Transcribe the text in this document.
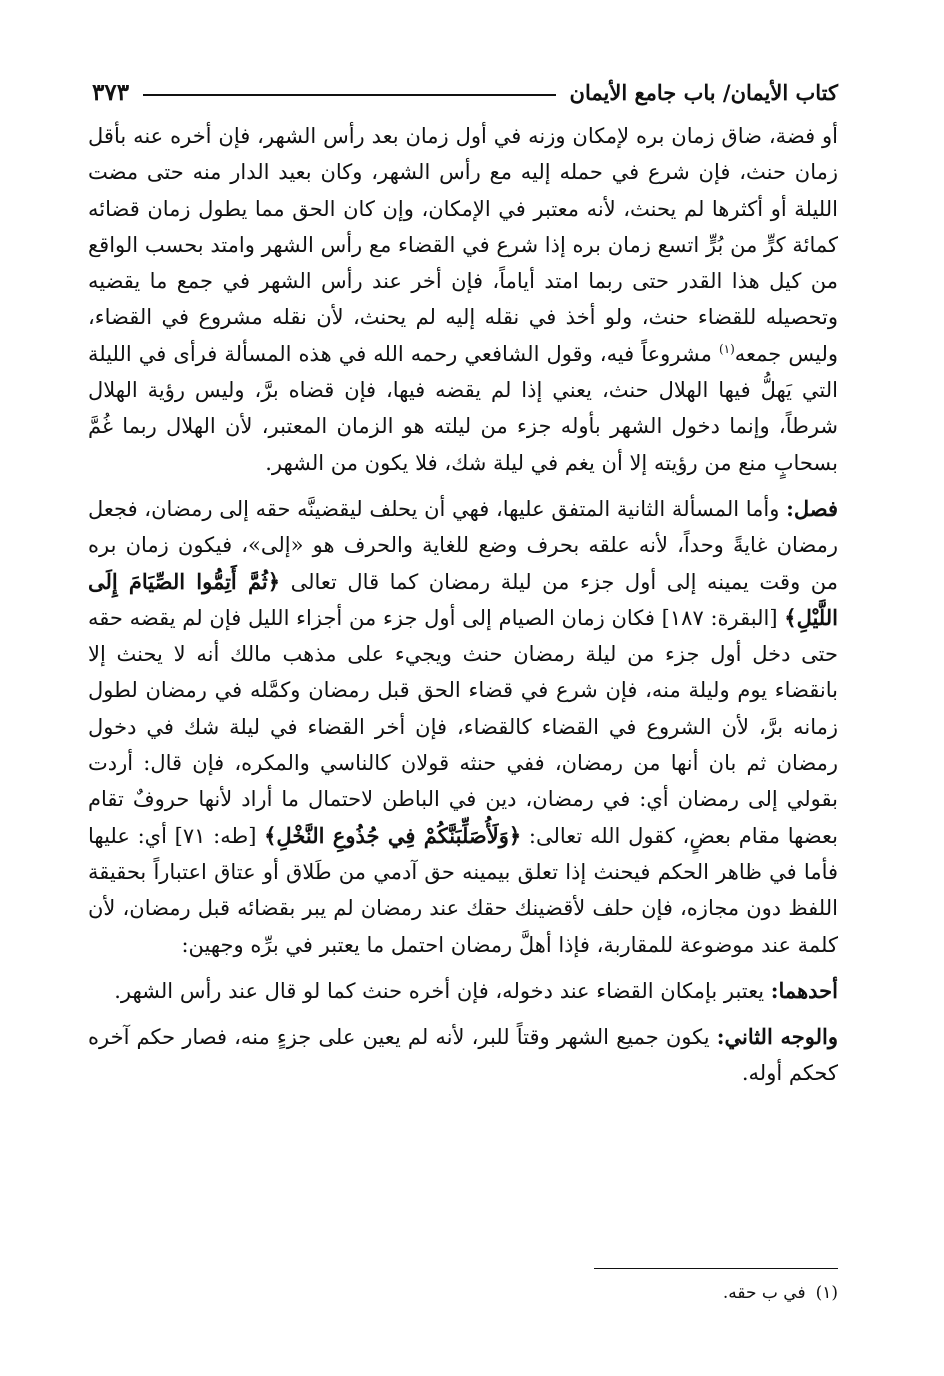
كتاب الأيمان/ باب جامع الأيمان
٣٧٣

أو فضة، ضاق زمان بره لإمكان وزنه في أول زمان بعد رأس الشهر، فإن أخره عنه بأقل زمان حنث، فإن شرع في حمله إليه مع رأس الشهر، وكان بعيد الدار منه حتى مضت الليلة أو أكثرها لم يحنث، لأنه معتبر في الإمكان، وإن كان الحق مما يطول زمان قضائه كمائة كرٍّ من بُرٍّ اتسع زمان بره إذا شرع في القضاء مع رأس الشهر وامتد بحسب الواقع من كيل هذا القدر حتى ربما امتد أياماً، فإن أخر عند رأس الشهر في جمع ما يقضيه وتحصيله للقضاء حنث، ولو أخذ في نقله إليه لم يحنث، لأن نقله مشروع في القضاء، وليس جمعه$^{(١)}$ مشروعاً فيه، وقول الشافعي رحمه الله في هذه المسألة فرأى في الليلة التي يَهلُّ فيها الهلال حنث، يعني إذا لم يقضه فيها، فإن قضاه برَّ، وليس رؤية الهلال شرطاً، وإنما دخول الشهر بأوله جزء من ليلته هو الزمان المعتبر، لأن الهلال ربما غُمَّ بسحابٍ منع من رؤيته إلا أن يغم في ليلة شك، فلا يكون من الشهر.

فصل: وأما المسألة الثانية المتفق عليها، فهي أن يحلف ليقضينَّه حقه إلى رمضان، فجعل رمضان غايةً وحداً، لأنه علقه بحرف وضع للغاية والحرف هو «إلى»، فيكون زمان بره من وقت يمينه إلى أول جزء من ليلة رمضان كما قال تعالى ﴿ثُمَّ أَتِمُّوا الصِّيَامَ إِلَى اللَّيْلِ﴾ [البقرة: ١٨٧] فكان زمان الصيام إلى أول جزء من أجزاء الليل فإن لم يقضه حقه حتى دخل أول جزء من ليلة رمضان حنث ويجيء على مذهب مالك أنه لا يحنث إلا بانقضاء يوم وليلة منه، فإن شرع في قضاء الحق قبل رمضان وكمَّله في رمضان لطول زمانه برَّ، لأن الشروع في القضاء كالقضاء، فإن أخر القضاء في ليلة شك في دخول رمضان ثم بان أنها من رمضان، ففي حنثه قولان كالناسي والمكره، فإن قال: أردت بقولي إلى رمضان أي: في رمضان، دين في الباطن لاحتمال ما أراد لأنها حروفٌ تقام بعضها مقام بعضٍ، كقول الله تعالى: ﴿وَلَأُصَلِّبَنَّكُمْ فِي جُذُوعِ النَّخْلِ﴾ [طه: ٧١] أي: عليها فأما في ظاهر الحكم فيحنث إذا تعلق بيمينه حق آدمي من طَلاق أو عتاق اعتباراً بحقيقة اللفظ دون مجازه، فإن حلف لأقضينك حقك عند رمضان لم يبر بقضائه قبل رمضان، لأن كلمة عند موضوعة للمقاربة، فإذا أهلَّ رمضان احتمل ما يعتبر في برِّه وجهين:

أحدهما: يعتبر بإمكان القضاء عند دخوله، فإن أخره حنث كما لو قال عند رأس الشهر.

والوجه الثاني: يكون جميع الشهر وقتاً للبر، لأنه لم يعين على جزءٍ منه، فصار حكم آخره كحكم أوله.

(١)في ب حقه.
